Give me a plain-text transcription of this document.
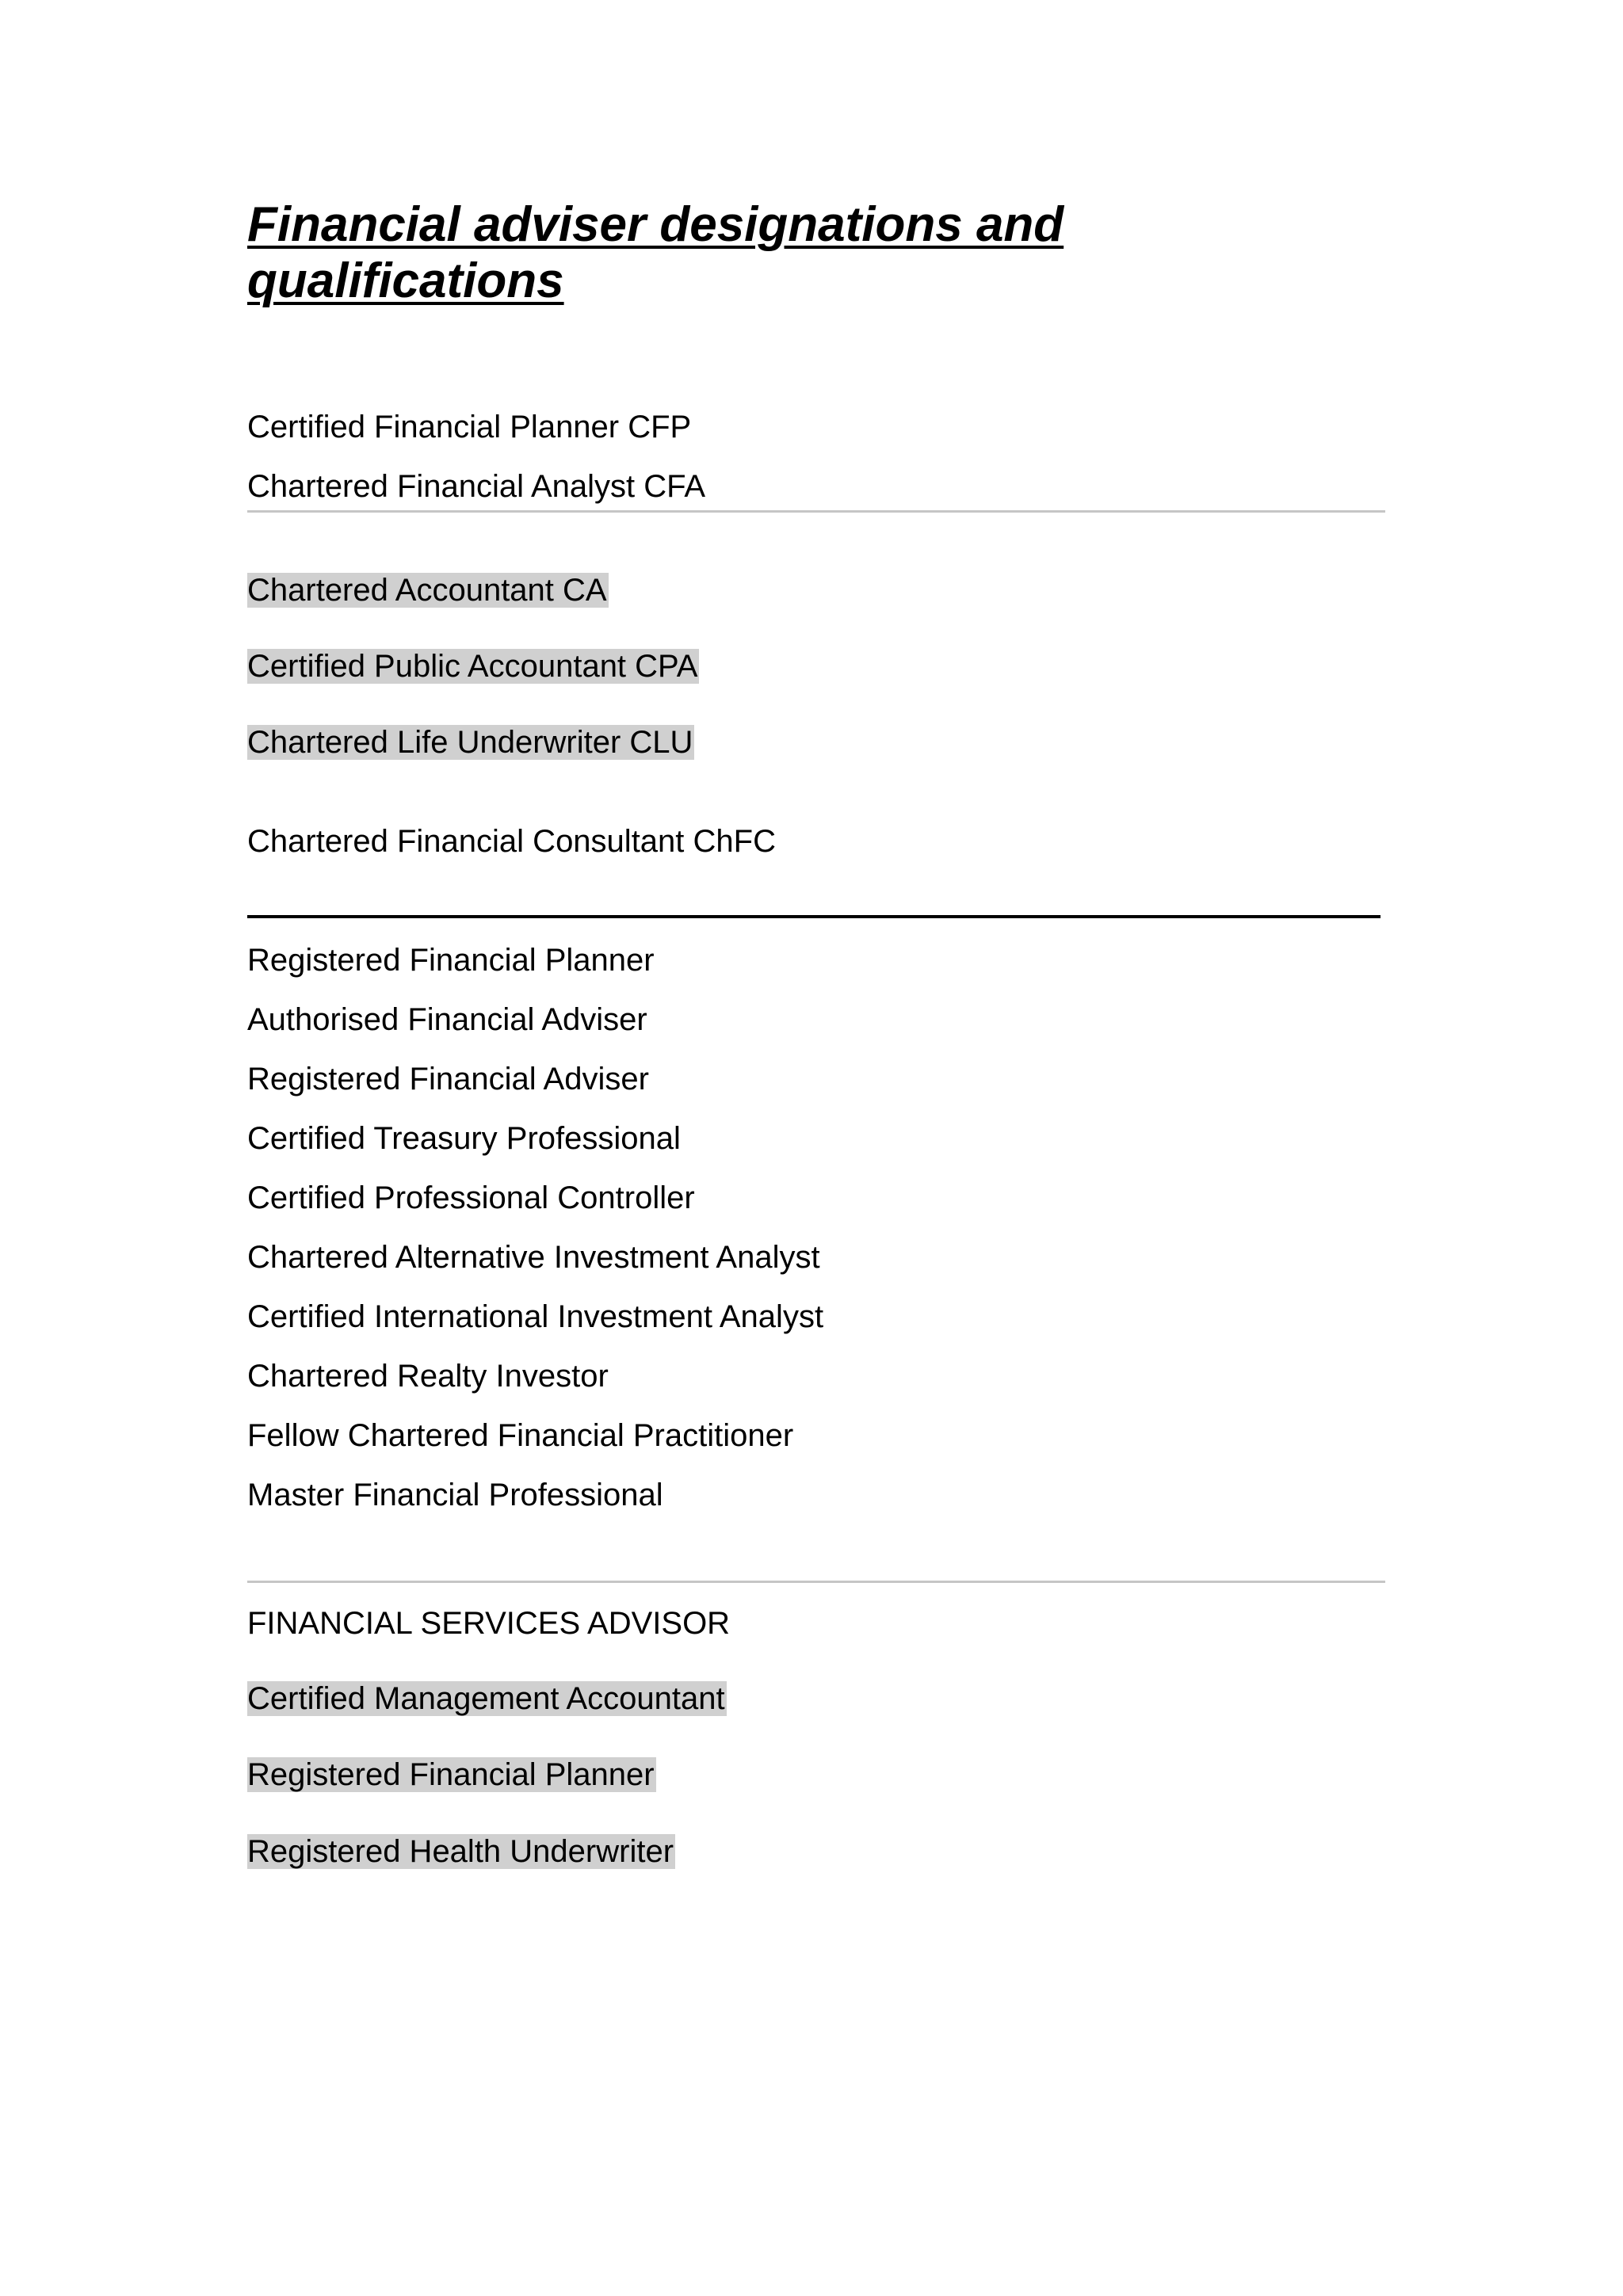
Financial adviser designations and
qualifications
Certified Financial Planner CFP
Chartered Financial Analyst CFA
Chartered Accountant CA
Certified Public Accountant CPA
Chartered Life Underwriter CLU
Chartered Financial Consultant ChFC
Registered Financial Planner
Authorised Financial Adviser
Registered Financial Adviser
Certified Treasury Professional
Certified Professional Controller
Chartered Alternative Investment Analyst
Certified International Investment Analyst
Chartered Realty Investor
Fellow Chartered Financial Practitioner
Master Financial Professional
FINANCIAL SERVICES ADVISOR
Certified Management Accountant
Registered Financial Planner
Registered Health Underwriter
